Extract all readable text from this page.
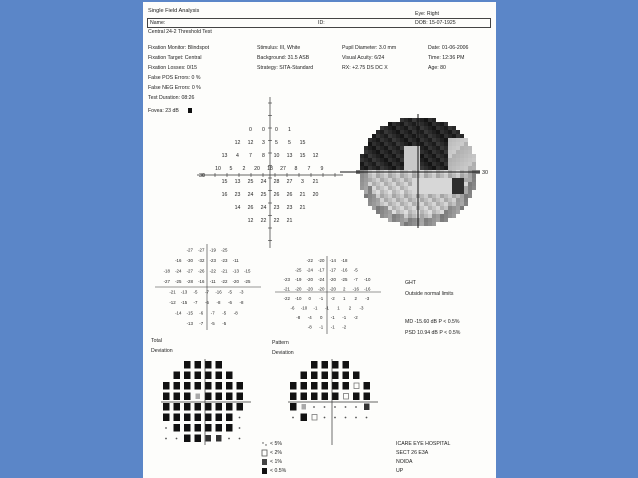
Single Field Analysis	Eye: Right
Name:	ID:	DOB: 15-07-1925
Central 24-2 Threshold Test
Fixation Monitor: Blindspot
Fixation Target: Central
Fixation Losses: 0/15
False POS Errors: 0 %
False NEG Errors: 0 %
Test Duration: 08:26
Stimulus: III, White
Background: 31.5 ASB
Strategy: SITA-Standard
Pupil Diameter: 3.0 mm
Visual Acuity: 6/24
RX: +2.75 DS DC X
Date: 01-06-2006
Time: 12:36 PM
Age: 80
Fovea: 23 dB
30
0 0 0 1
12 12 3 5 5 15
13 4 7 8 10 13 15 12
10 5 2 20 18 27 8 7 9
15 13 25 24 28 27 3 21
16 23 24 25 26 26 21 20
14 26 24 23 23 21
12 22 22 21
30
-27 -27 -19 -25
-16 -30 -32 -23 -23 -11
-18 -24 -27 -26 -22 -21 -13 -15
-27 -25 -28 -16 -11 -22 -20 -25
-21 -13 -5 -7 -16 -5 -3
-12 -15 -7 -6 -8 -6 -8
-14 -15 -6 -7 -5 -8
-13 -7 -5 -5
-22 -20 -14 -18
-25 -24 -17 -17 -16 -5
-23 -19 -20 -24 -20 -25 -7 -10
-21 -20 -20 -20 -20 2 -16 -16
-22 -10 0 -1 -2 1 2 -3
-6 -10 -1 -1 1 2 -3
-8 -4 0 -1 -1 -2
-8 -1 -1 -2
GHT
Outside normal limits
MD -15.60 dB P < 0.5%
PSD 10.94 dB P < 0.5%
Total
Deviation
Pattern
Deviation
< 5%
< 2%
< 1%
< 0.5%
ICARE EYE HOSPITAL
SECT 26 E3A
NOIDA
UP
